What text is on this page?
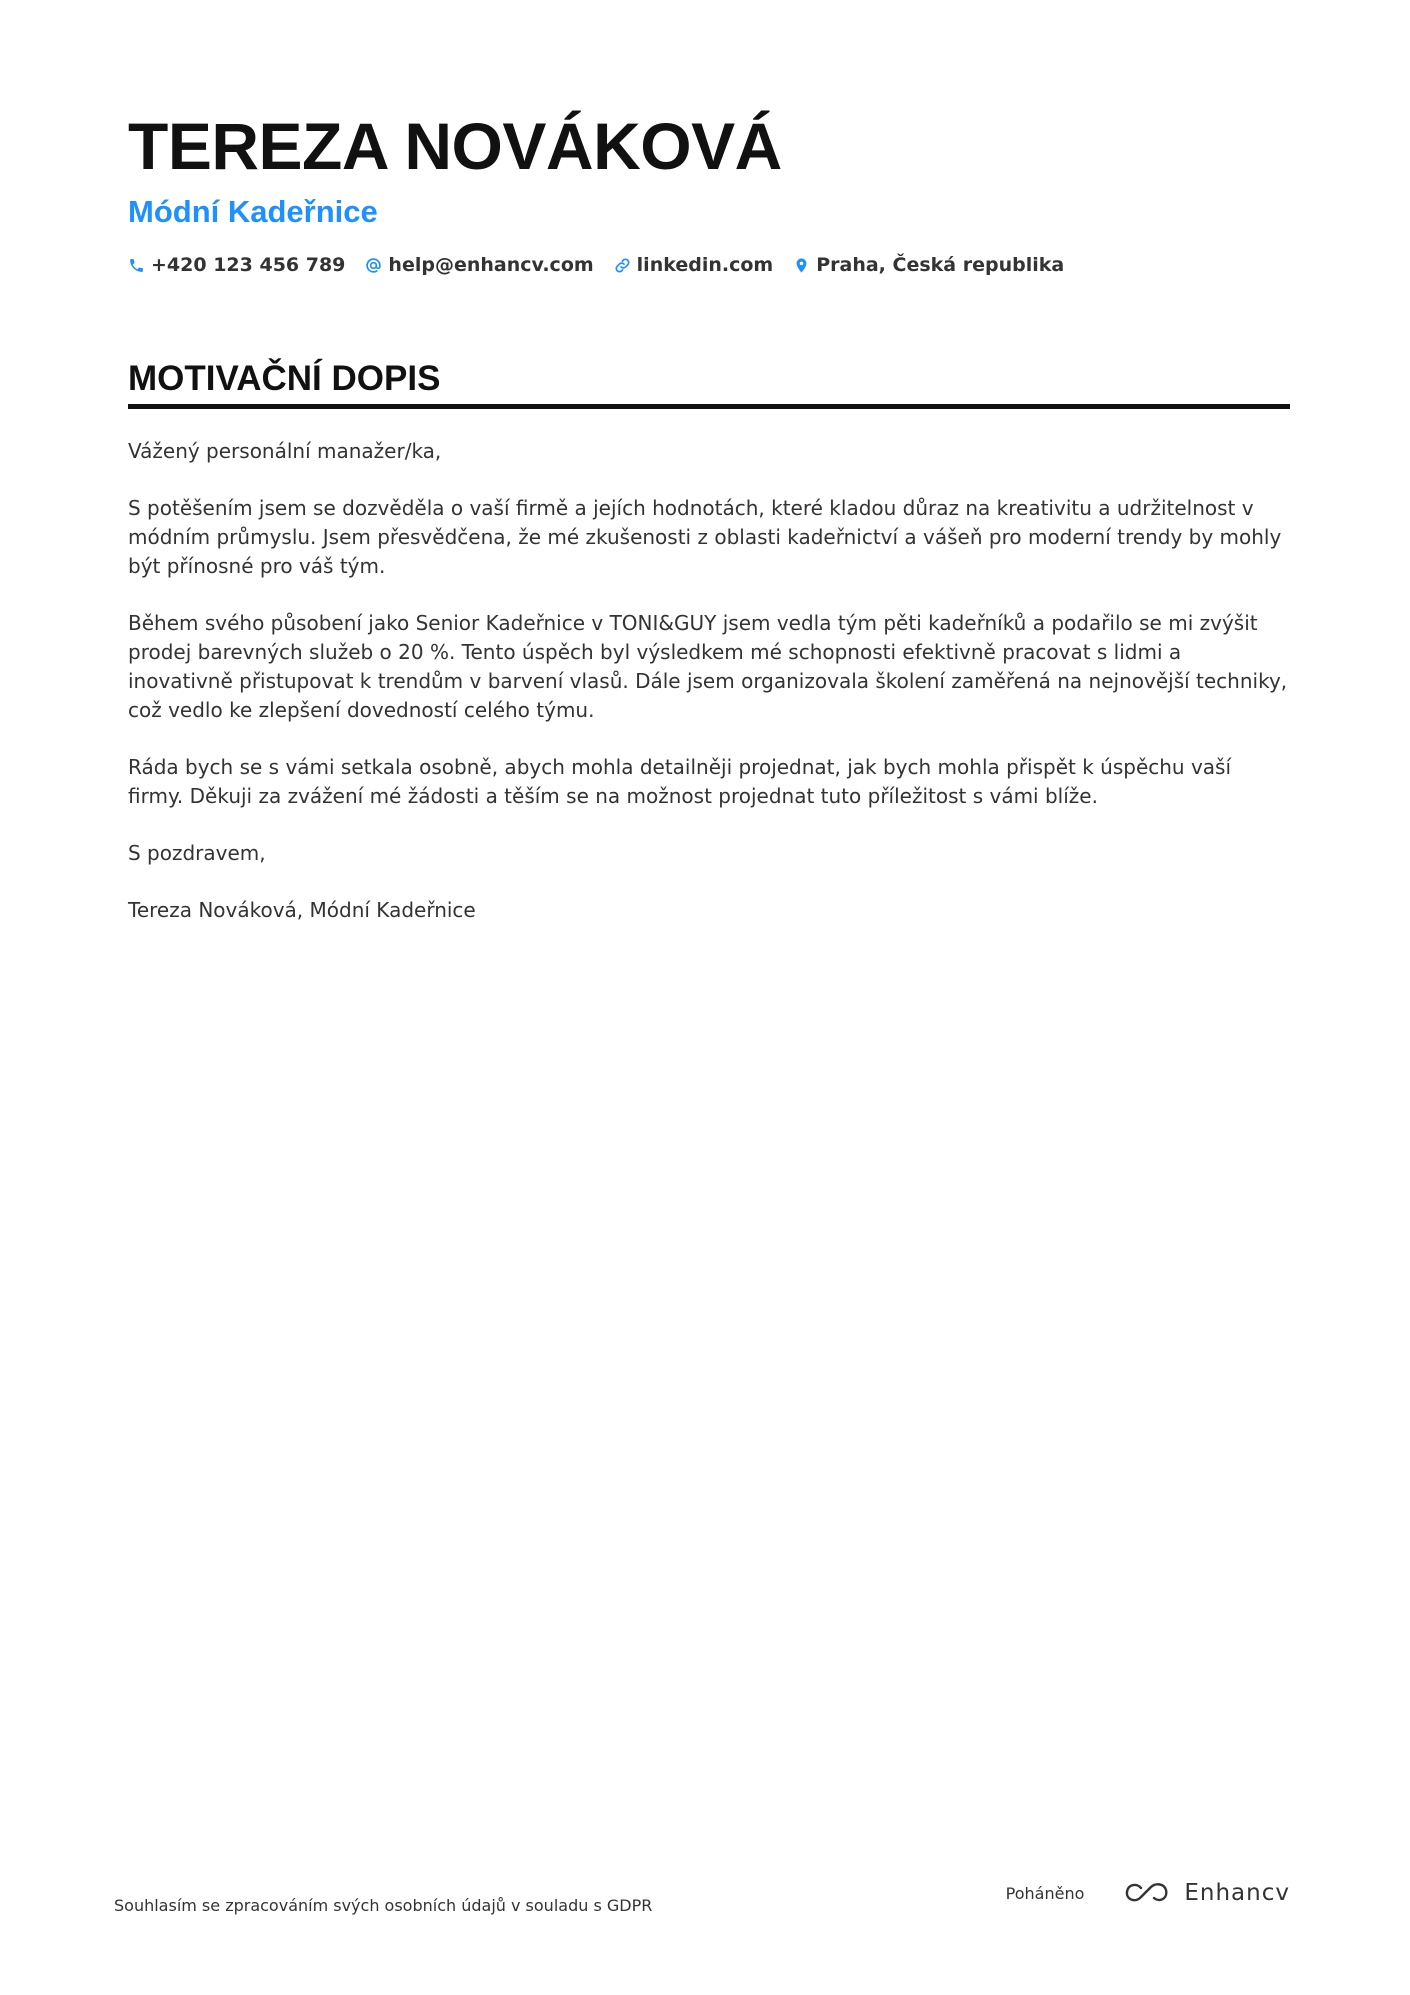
TEREZA NOVÁKOVÁ
Módní Kadeřnice
+420 123 456 789 help@enhancv.com linkedin.com Praha, Česká republika
MOTIVAČNÍ DOPIS

Vážený personální manažer/ka,

S potěšením jsem se dozvěděla o vaší firmě a jejích hodnotách, které kladou důraz na kreativitu a udržitelnost v módním průmyslu. Jsem přesvědčena, že mé zkušenosti z oblasti kadeřnictví a vášeň pro moderní trendy by mohly být přínosné pro váš tým.

Během svého působení jako Senior Kadeřnice v TONI&GUY jsem vedla tým pěti kadeřníků a podařilo se mi zvýšit prodej barevných služeb o 20 %. Tento úspěch byl výsledkem mé schopnosti efektivně pracovat s lidmi a inovativně přistupovat k trendům v barvení vlasů. Dále jsem organizovala školení zaměřená na nejnovější techniky, což vedlo ke zlepšení dovedností celého týmu.

Ráda bych se s vámi setkala osobně, abych mohla detailněji projednat, jak bych mohla přispět k úspěchu vaší firmy. Děkuji za zvážení mé žádosti a těším se na možnost projednat tuto příležitost s vámi blíže.

S pozdravem,

Tereza Nováková, Módní Kadeřnice

Souhlasím se zpracováním svých osobních údajů v souladu s GDPR
Poháněno	Enhancv
